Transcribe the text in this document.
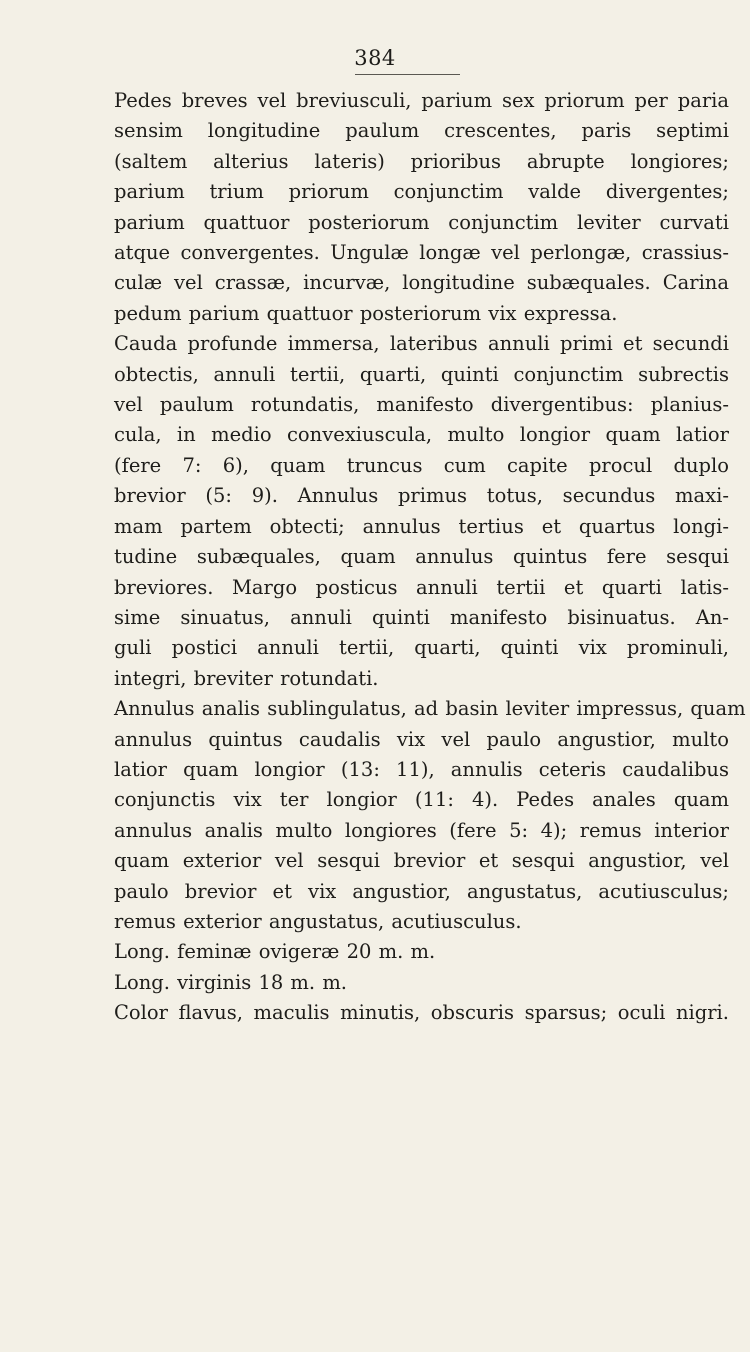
384

Pedes breves vel breviusculi, parium sex priorum per paria
sensim longitudine paulum crescentes, paris septimi
(saltem alterius lateris) prioribus abrupte longiores;
parium trium priorum conjunctim valde divergentes;
parium quattuor posteriorum conjunctim leviter curvati
atque convergentes. Ungulæ longæ vel perlongæ, crassius-
culæ vel crassæ, incurvæ, longitudine subæquales. Carina
pedum parium quattuor posteriorum vix expressa.

Cauda profunde immersa, lateribus annuli primi et secundi
obtectis, annuli tertii, quarti, quinti conjunctim subrectis
vel paulum rotundatis, manifesto divergentibus: planius-
cula, in medio convexiuscula, multo longior quam latior
(fere 7: 6), quam truncus cum capite procul duplo
brevior (5: 9). Annulus primus totus, secundus maxi-
mam partem obtecti; annulus tertius et quartus longi-
tudine subæquales, quam annulus quintus fere sesqui
breviores. Margo posticus annuli tertii et quarti latis-
sime sinuatus, annuli quinti manifesto bisinuatus. An-
guli postici annuli tertii, quarti, quinti vix prominuli,
integri, breviter rotundati.

Annulus analis sublingulatus, ad basin leviter impressus, quam
annulus quintus caudalis vix vel paulo angustior, multo
latior quam longior (13: 11), annulis ceteris caudalibus
conjunctis vix ter longior (11: 4). Pedes anales quam
annulus analis multo longiores (fere 5: 4); remus interior
quam exterior vel sesqui brevior et sesqui angustior, vel
paulo brevior et vix angustior, angustatus, acutiusculus;
remus exterior angustatus, acutiusculus.

Long. feminæ ovigeræ 20 m. m.

Long. virginis 18 m. m.

Color flavus, maculis minutis, obscuris sparsus; oculi nigri.
